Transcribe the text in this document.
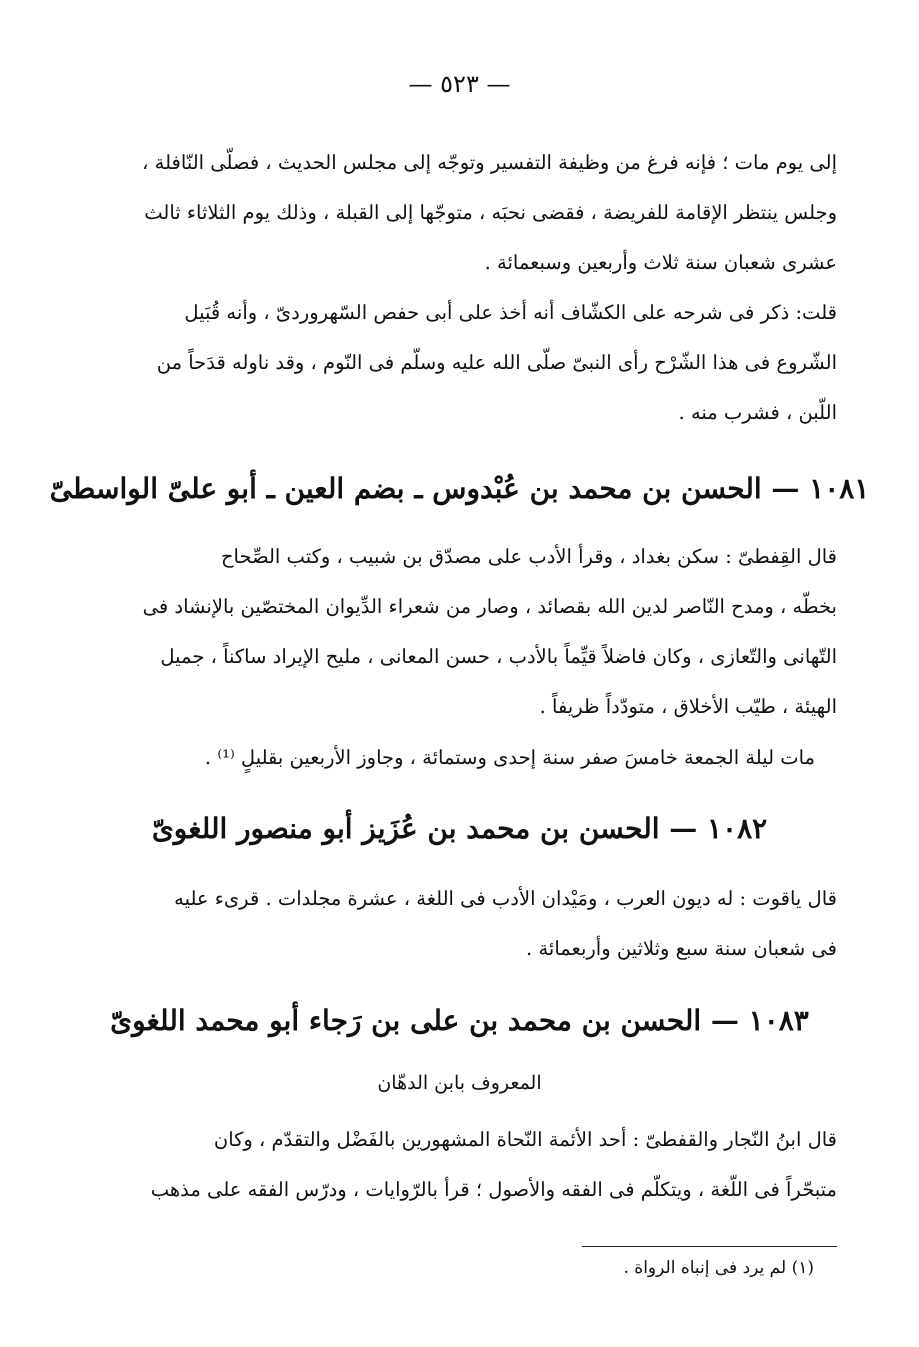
— ٥٢٣ —
إلى يوم مات ؛ فإنه فرغ من وظيفة التفسير وتوجّه إلى مجلس الحديث ، فصلّى النّافلة ،
وجلس ينتظر الإقامة للفريضة ، فقضى نحبَه ، متوجّها إلى القبلة ، وذلك يوم الثلاثاء ثالث
عشرى شعبان سنة ثلاث وأربعين وسبعمائة .
قلت: ذكر فى شرحه على الكشّاف أنه أخذ على أبى حفص السّهروردىّ ، وأنه قُبَيل
الشّروع فى هذا الشّرْح رأى النبىّ صلّى الله عليه وسلّم فى النّوم ، وقد ناوله قدَحاً من
اللّبن ، فشرب منه .
١٠٨١ — الحسن بن محمد بن عُبْدوس ـ بضم العين ـ أبو علىّ الواسطىّ
قال القِفطىّ : سكن بغداد ، وقرأ الأدب على مصدّق بن شبيب ، وكتب الصِّحاح
بخطّه ، ومدح النّاصر لدين الله بقصائد ، وصار من شعراء الدِّيوان المختصّين بالإنشاد فى
التّهانى والتّعازى ، وكان فاضلاً قيِّماً بالأدب ، حسن المعانى ، مليح الإيراد ساكناً ، جميل
الهيئة ، طيّب الأخلاق ، متودّداً ظريفاً .
مات ليلة الجمعة خامسَ صفر سنة إحدى وستمائة ، وجاوز الأربعين بقليلٍ ⁽¹⁾ .
١٠٨٢ — الحسن بن محمد بن عُزَيز أبو منصور اللغوىّ
قال ياقوت : له ديون العرب ، ومَيْدان الأدب فى اللغة ، عشرة مجلدات . قرىء عليه
فى شعبان سنة سبع وثلاثين وأربعمائة .
١٠٨٣ — الحسن بن محمد بن على بن رَجاء أبو محمد اللغوىّ
المعروف بابن الدهّان
قال ابنُ النّجار والقفطىّ : أحد الأئمة النّحاة المشهورين بالفَضْل والتقدّم ، وكان
متبحّراً فى اللّغة ، ويتكلّم فى الفقه والأصول ؛ قرأ بالرّوايات ، ودرّس الفقه على مذهب
(١) لم يرد فى إنباه الرواة .
